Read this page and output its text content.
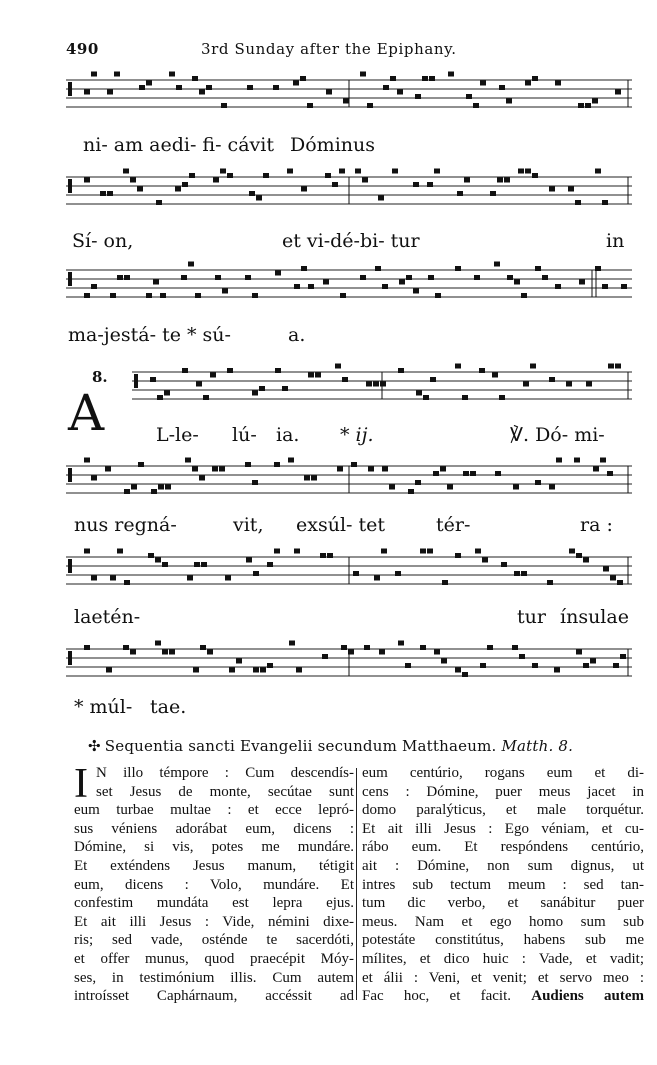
490	3rd Sunday after the Epiphany.
ni- am aedi- fi- cávit Dóminus
Sí- on,	et vi-dé-bi- tur	in
ma-jestá- te * sú-	a.
8.
A	L-le- lú- ia. * ij.	℣. Dó- mi-
nus regná-	vit, exsúl- tet	tér-	ra :
laetén-	tur ínsulae
* múl- tae.
✣ Sequentia sancti Evangelii secundum Matthaeum. Matth. 8.
I N illo témpore : Cum descendís-
set Jesus de monte, secútae sunt
eum turbae multae : et ecce lepró-
sus véniens adorábat eum, dicens :
Dómine, si vis, potes me mundáre.
Et exténdens Jesus manum, tétigit
eum, dicens : Volo, mundáre. Et
confestim mundáta est lepra ejus.
Et ait illi Jesus : Vide, némini dixe-
ris; sed vade, osténde te sacerdóti,
et offer munus, quod praecépit Móy-
ses, in testimónium illis. Cum autem
introísset Caphárnaum, accéssit ad
eum centúrio, rogans eum et di-
cens : Dómine, puer meus jacet in
domo paralýticus, et male torquétur.
Et ait illi Jesus : Ego véniam, et cu-
rábo eum. Et respóndens centúrio,
ait : Dómine, non sum dignus, ut
intres sub tectum meum : sed tan-
tum dic verbo, et sanábitur puer
meus. Nam et ego homo sum sub
potestáte constitútus, habens sub me
mílites, et dico huic : Vade, et vadit;
et álii : Veni, et venit; et servo meo :
Fac hoc, et facit. Audiens autem
